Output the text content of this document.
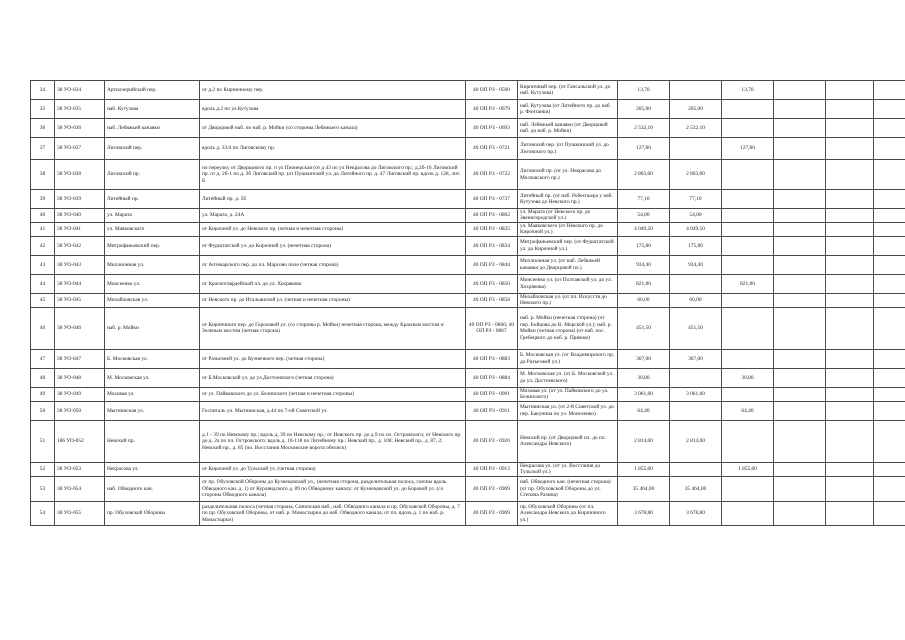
34	38 УО-034	Артиллерийский пер.	от д.2 по Кирпичному пер.	40 ОП РЗ - 0590	Кирпичный пер. (от Гапсальской ул. до наб. Кутузова)	13,70		13,70			
35	38 УО-035	наб. Кутузова	вдоль д.2 по ул.Кутузова	40 ОП РЗ - 0679	наб. Кутузова (от Литейного пр. до наб. р. Фонтанки)	205,00	205,00				
36	38 УО-036	наб. Лебяжьей канавки	от Дворцовой наб. по наб. р. Мойки (со стороны Лебяжьего канала)	40 ОП РЗ - 0693	наб. Лебяжьей канавки (от Дворцовой наб. до наб. р. Мойки)	2 532,10	2 532,10				
37	38 УО-037	Лиговский пер.	вдоль д. 33/4 по Лиговскому пр.	40 ОП РЗ - 0721	Лиговский пер. (от Пушкинской ул. до Лиговского пр.)	127,80		127,80			
38	38 УО-038	Лиговский пр.	по переулку от Дворцового пр. п ул Пионерская (от д 43 по ул Некрасова до Лиговского пр.; д.2б-16 Лиговский пр. от д. 2б-1 по д. 3б Лиговский пр. (от Пушкинской ул. до Литейного пр. д. 47 Лиговский пр. вдоль д. 128, лит. Б	40 ОП РЗ - 0722	Лиговский пр. (от ул. Некрасова до Московского пр.)	2 803,00	2 803,00				
39	38 УО-039	Литейный пр.	Литейный пр. д. 5б	40 ОП РЗ - 0737	Литейный пр. (от наб. Робеспьера у наб. Кутузова до Невского пр.)	77,10	77,10				
40	38 УО-040	ул. Марата	ул. Марата, д. 24А	40 ОП РЗ - 0802	ул. Марата (от Невского пр. до Звенигородской ул.)	54,00	54,00				
41	38 УО-041	ул. Маяковского	от Кирочной ул. до Невского пр. (четная и нечетная стороны)	40 ОП РЗ - 0825	ул. Маяковского (от Невского пр. до Кирочной ул.)	4 049,50	4 049,50				
42	38 УО-042	Митрофаньевский пер.	от Фурштатской ул. до Кирочной ул. (нечетная сторона)	40 ОП РЗ - 0834	Митрофаньевский пер. (от Фурштатской ул. до Кирочной ул.)	175,80	175,80				
43	38 УО-043	Миллионная ул.	от Аптекарского пер. до пл. Марсово поле (четная сторона)	40 ОП РЗ - 0844	Миллионная ул. (от наб. Лебяжьей канавки до Дворцовой пл.)	934,40	934,40				
44	38 УО-044	Моисеенко ул.	от Красногвардейской пл. до ул. Хохрякова	40 ОП РЗ - 0850	Моисеенко ул. (от Полтавской ул. до ул. Хохрякова)	821,80		821,80			
45	38 УО-045	Михайловская ул.	от Невского пр. до Итальянской ул. (четная и нечетная стороны)	40 ОП РЗ - 0858	Михайловская ул. (от пл. Искусств до Невского пр.)	60,00	60,00				
46	38 УО-046	наб. р. Мойки	от Кирпичного пер. до Гороховой ул. (со стороны р. Мойки) нечетная сторона, между Красным мостом и Зеленым мостом (четная сторона)	40 ОП РЗ - 0866; 40 ОП РЗ - 0867	наб. р. Мойки (нечетная сторона) (от пер. Бойцова до В. Морской ул.); наб. р. Мойки (четная сторона) (от наб. пос. Гребецкого до наб. р. Пряжки)	451,50	451,50				
47	38 УО-047	Б. Московская ул.	от Разъезжей ул. до Кузнечного пер. (четная сторона)	40 ОП РЗ - 0883	Б. Московская ул. (от Владимирского пр. до Разъезжей ул.)	367,00	367,00				
48	38 УО-048	М. Московская ул.	от Б.Московской ул. до ул.Достоевского (четная сторона)	40 ОП РЗ - 0884	М. Московская ул. (от Б. Московской ул. до ул. Достоевского)	30,80		30,80			
49	38 УО-049	Моховая ул.	от ул. Пайковского до ул. Белинского (четная и нечетная стороны)	40 ОП РЗ - 0901	Моховая ул. (от ул. Пайковского до ул. Белинского)	3 061,60	3 061,60				
50	38 УО-050	Мытнинская ул.	Госпиталь ул. Мытнинская, д.44 по 7-ой Советской ул.	40 ОП РЗ - 0911	Мытнинская ул. (от 2-й Советской ул. до пер. Бакунина по ул. Моисеенко)	64,40		64,40			
51	186 УО-052	Невский пр.	д.1 - 39 по Невскому пр.; вдоль д. 39 по Невскому пр.; от Невского пр. до д.9 по пл. Островского; от Невского пр. до д. 2а по пл. Островского; вдоль д. 10-118 по Литейному пр.; Невский пр., д. 108; Невский пр., д. 87, 2; Невский пр., д. 85 (по. Восстания Московские ворота обелиск)	40 ОП РЗ - 0920	Невский пр. (от Дворцовой пл. до пл. Александра Невского)	2 814,00	2 814,00				
52	38 УО-053	Некрасова ул.	от Кирочной ул. до Тульской ул. (четная сторона)	40 ОП РЗ - 0913	Некрасова ул. (от ул. Восстания до Тульской ул.)	1 855,00		1 855,00			
53	38 УО-054	наб. Обводного кан.	от пр. Обуховской Обороны до Кузнецовской ул., (нечетная сторона, разделительная полоса, газоны вдоль Обводного кан. д. 1) от Курляндского д. 89 по Обводному каналу; от Кузнецовской ул. до Боровой ул. (со стороны Обводного канала)	40 ОП РЗ - 0969	наб. Обводного кан. (нечетная сторона) (от пр. Обуховской Обороны до ул. Степана Разина)	35 464,00	35 464,00				
54	38 УО-055	пр. Обуховской Обороны	разделительная полоса (четная сторона, Синопская наб., наб. Обводного канала и пр. Обуховской Обороны, д. 7 по пр. Обуховской Обороны, от наб. р. Монастырки до наб. Обводного канала, от пл. вдоль д. 1 по наб. р. Монастырки)	40 ОП РЗ - 0969	пр. Обуховской Обороны (от пл. Александра Невского до Кирпичного ул.)	3 678,80	3 678,80				
